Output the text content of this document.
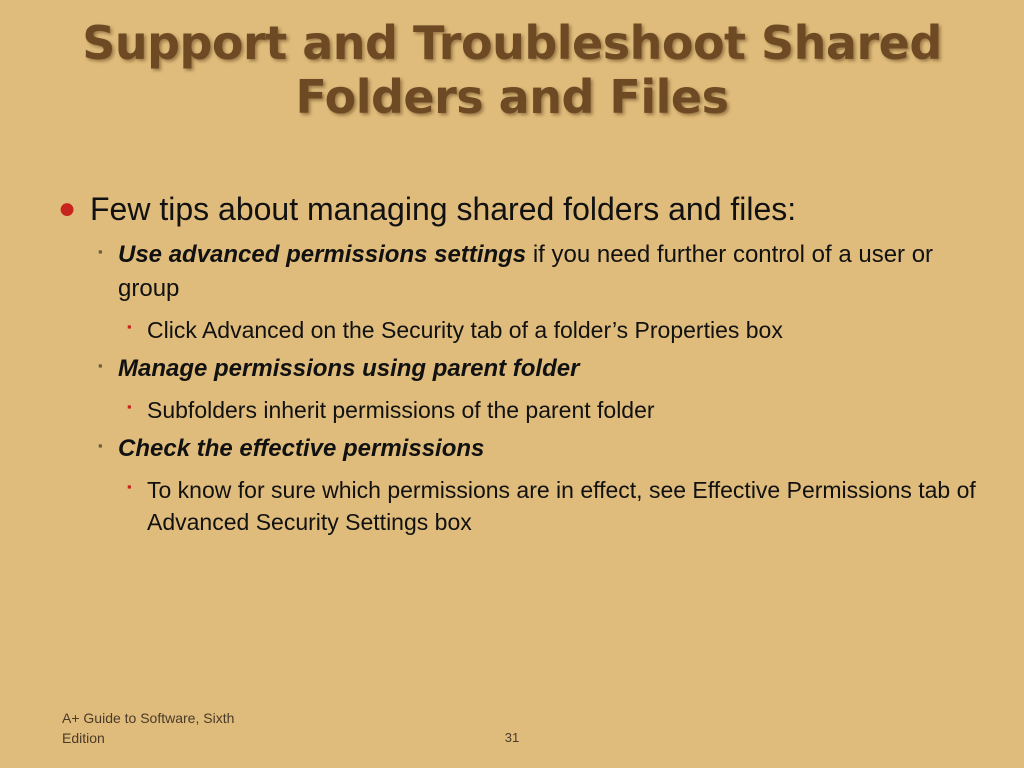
Support and Troubleshoot Shared
Folders and Files
● Few tips about managing shared folders and files:
▪ Use advanced permissions settings if you need further control of a user or group
▪ Click Advanced on the Security tab of a folder’s Properties box
▪ Manage permissions using parent folder
▪ Subfolders inherit permissions of the parent folder
▪ Check the effective permissions
▪ To know for sure which permissions are in effect, see Effective Permissions tab of Advanced Security Settings box
A+ Guide to Software, Sixth
Edition	31
